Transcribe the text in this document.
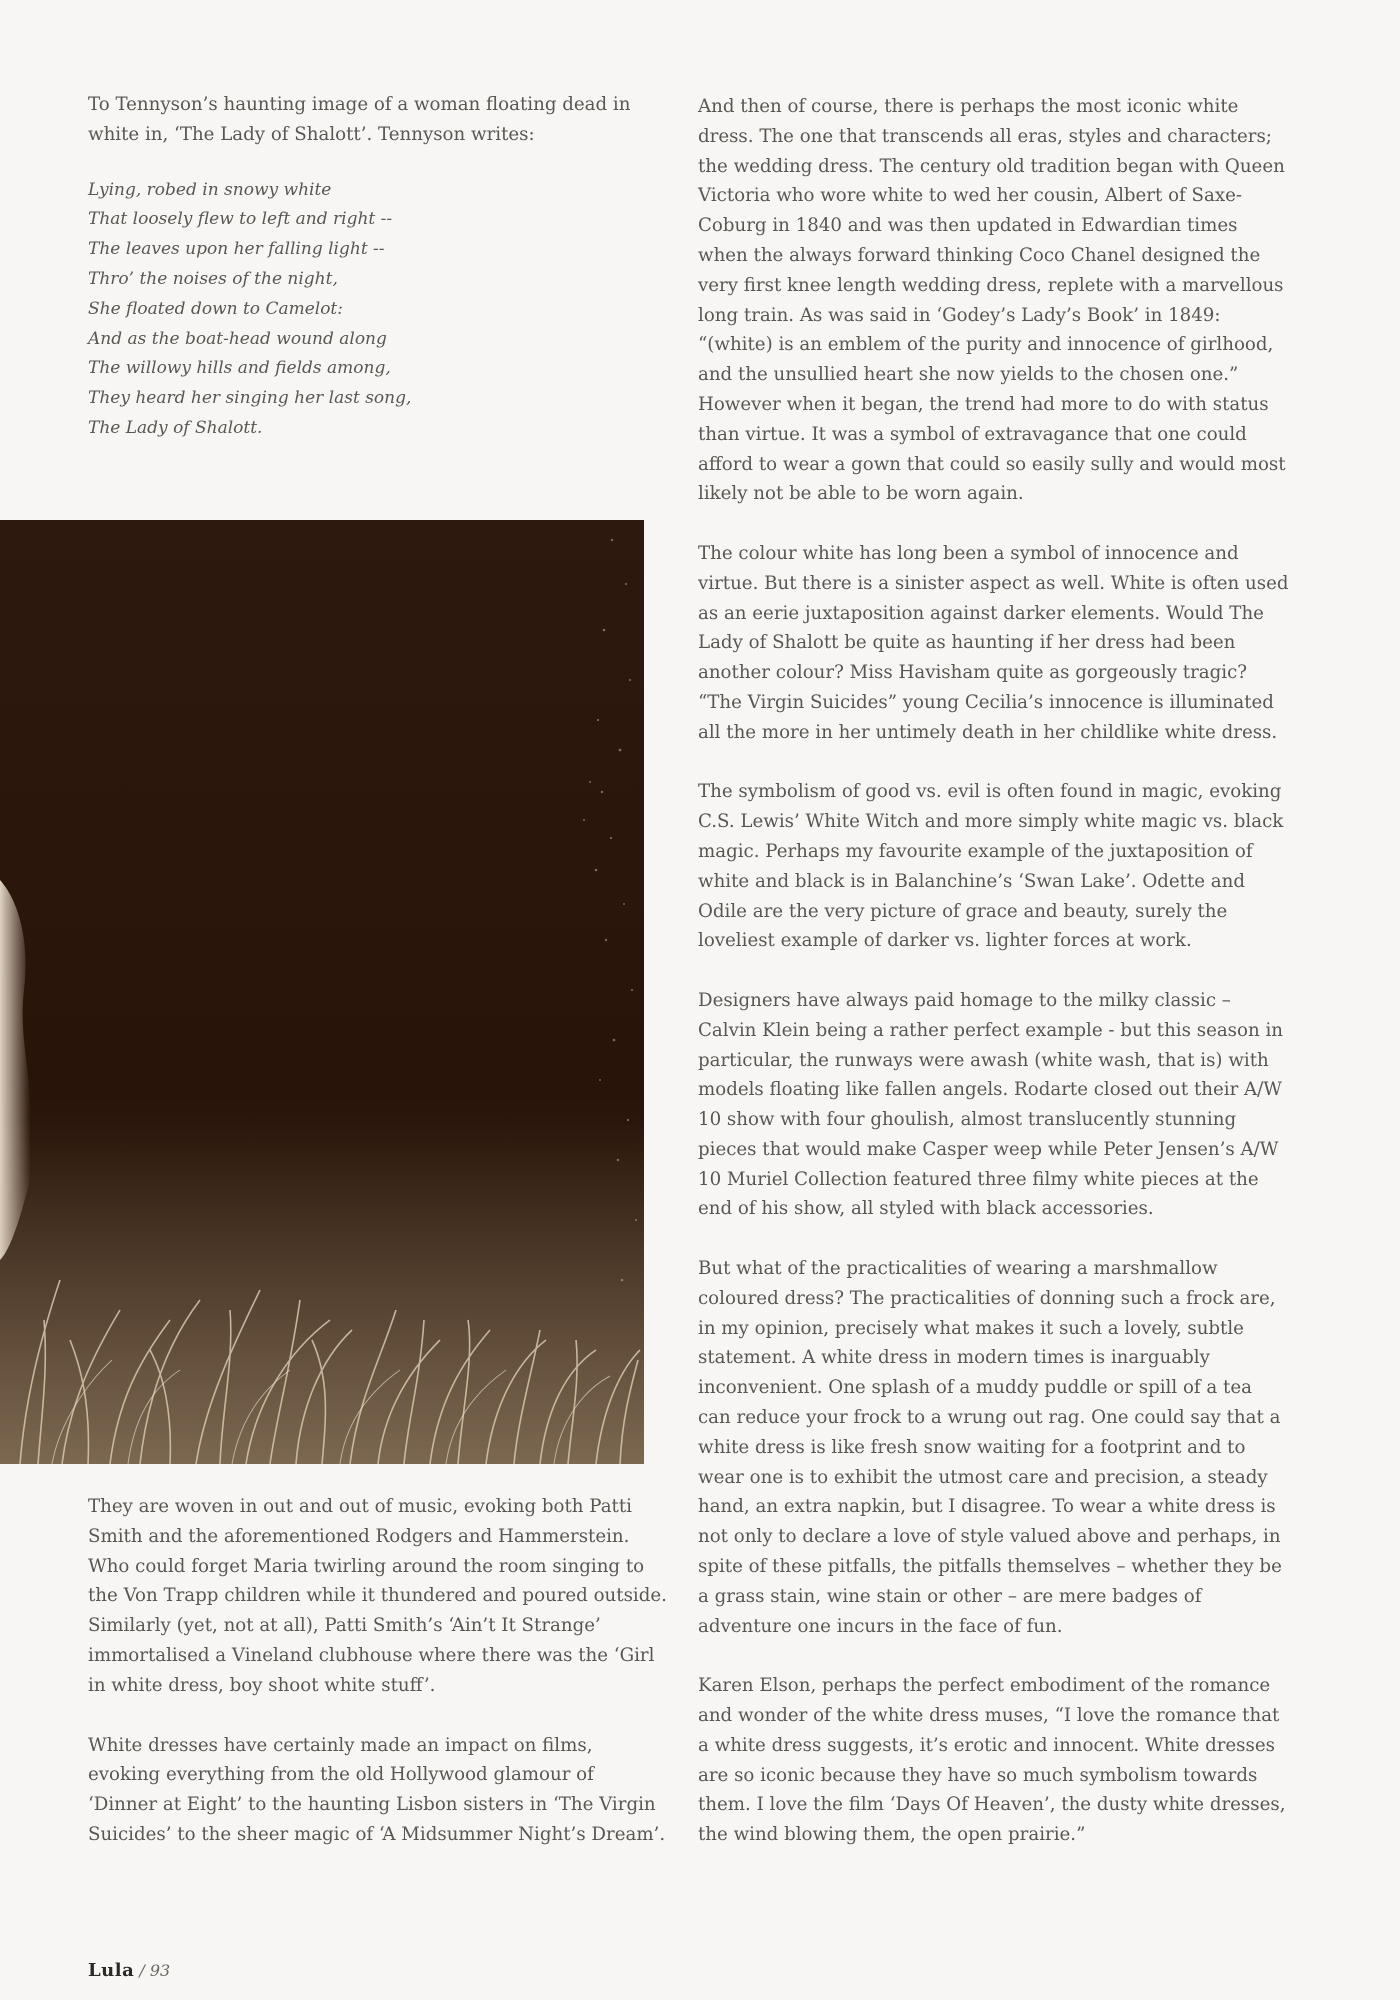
To Tennyson’s haunting image of a woman floating dead in white in, ‘The Lady of Shalott’. Tennyson writes:

Lying, robed in snowy white
That loosely flew to left and right --
The leaves upon her falling light --
Thro’ the noises of the night,
She floated down to Camelot:
And as the boat-head wound along
The willowy hills and fields among,
They heard her singing her last song,
The Lady of Shalott.

They are woven in out and out of music, evoking both Patti Smith and the aforementioned Rodgers and Hammerstein. Who could forget Maria twirling around the room singing to the Von Trapp children while it thundered and poured outside. Similarly (yet, not at all), Patti Smith’s ‘Ain’t It Strange’ immortalised a Vineland clubhouse where there was the ‘Girl in white dress, boy shoot white stuff’.

White dresses have certainly made an impact on films, evoking everything from the old Hollywood glamour of ‘Dinner at Eight’ to the haunting Lisbon sisters in ‘The Virgin Suicides’ to the sheer magic of ‘A Midsummer Night’s Dream’.

And then of course, there is perhaps the most iconic white dress. The one that transcends all eras, styles and characters; the wedding dress. The century old tradition began with Queen Victoria who wore white to wed her cousin, Albert of Saxe-Coburg in 1840 and was then updated in Edwardian times when the always forward thinking Coco Chanel designed the very first knee length wedding dress, replete with a marvellous long train. As was said in ‘Godey’s Lady’s Book’ in 1849: “(white) is an emblem of the purity and innocence of girlhood, and the unsullied heart she now yields to the chosen one.” However when it began, the trend had more to do with status than virtue. It was a symbol of extravagance that one could afford to wear a gown that could so easily sully and would most likely not be able to be worn again.

The colour white has long been a symbol of innocence and virtue. But there is a sinister aspect as well. White is often used as an eerie juxtaposition against darker elements. Would The Lady of Shalott be quite as haunting if her dress had been another colour? Miss Havisham quite as gorgeously tragic? “The Virgin Suicides” young Cecilia’s innocence is illuminated all the more in her untimely death in her childlike white dress.

The symbolism of good vs. evil is often found in magic, evoking C.S. Lewis’ White Witch and more simply white magic vs. black magic. Perhaps my favourite example of the juxtaposition of white and black is in Balanchine’s ‘Swan Lake’. Odette and Odile are the very picture of grace and beauty, surely the loveliest example of darker vs. lighter forces at work.

Designers have always paid homage to the milky classic – Calvin Klein being a rather perfect example - but this season in particular, the runways were awash (white wash, that is) with models floating like fallen angels. Rodarte closed out their A/W 10 show with four ghoulish, almost translucently stunning pieces that would make Casper weep while Peter Jensen’s A/W 10 Muriel Collection featured three filmy white pieces at the end of his show, all styled with black accessories.

But what of the practicalities of wearing a marshmallow coloured dress? The practicalities of donning such a frock are, in my opinion, precisely what makes it such a lovely, subtle statement. A white dress in modern times is inarguably inconvenient. One splash of a muddy puddle or spill of a tea can reduce your frock to a wrung out rag. One could say that a white dress is like fresh snow waiting for a footprint and to wear one is to exhibit the utmost care and precision, a steady hand, an extra napkin, but I disagree. To wear a white dress is not only to declare a love of style valued above and perhaps, in spite of these pitfalls, the pitfalls themselves – whether they be a grass stain, wine stain or other – are mere badges of adventure one incurs in the face of fun.

Karen Elson, perhaps the perfect embodiment of the romance and wonder of the white dress muses, “I love the romance that a white dress suggests, it’s erotic and innocent. White dresses are so iconic because they have so much symbolism towards them. I love the film ‘Days Of Heaven’, the dusty white dresses, the wind blowing them, the open prairie.”

Lula / 93
